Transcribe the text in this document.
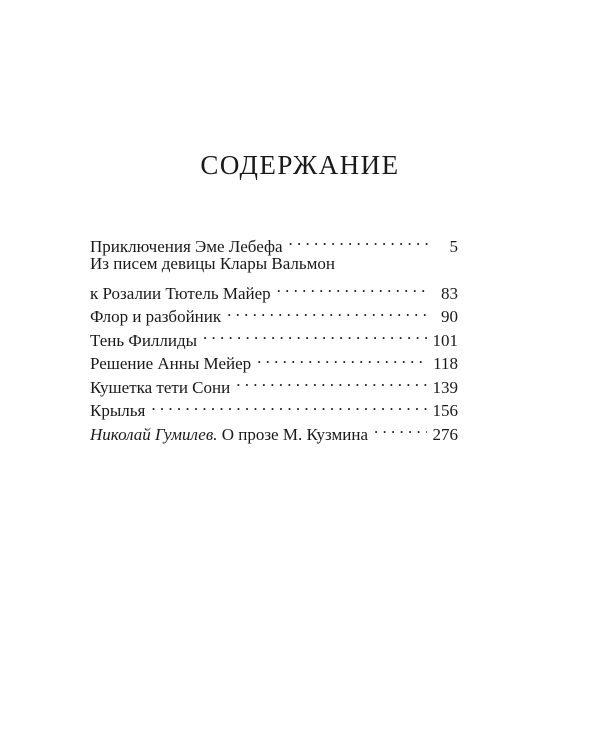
СОДЕРЖАНИЕ
Приключения Эме Лебефа . . .	5
Из писем девицы Клары Вальмон
к Розалии Тютель Майер . . .	83
Флор и разбойник . . .	90
Тень Филлиды . . .	101
Решение Анны Мейер . . .	118
Кушетка тети Сони . . .	139
Крылья . . .	156
Николай Гумилев. О прозе М. Кузмина . . .	276
